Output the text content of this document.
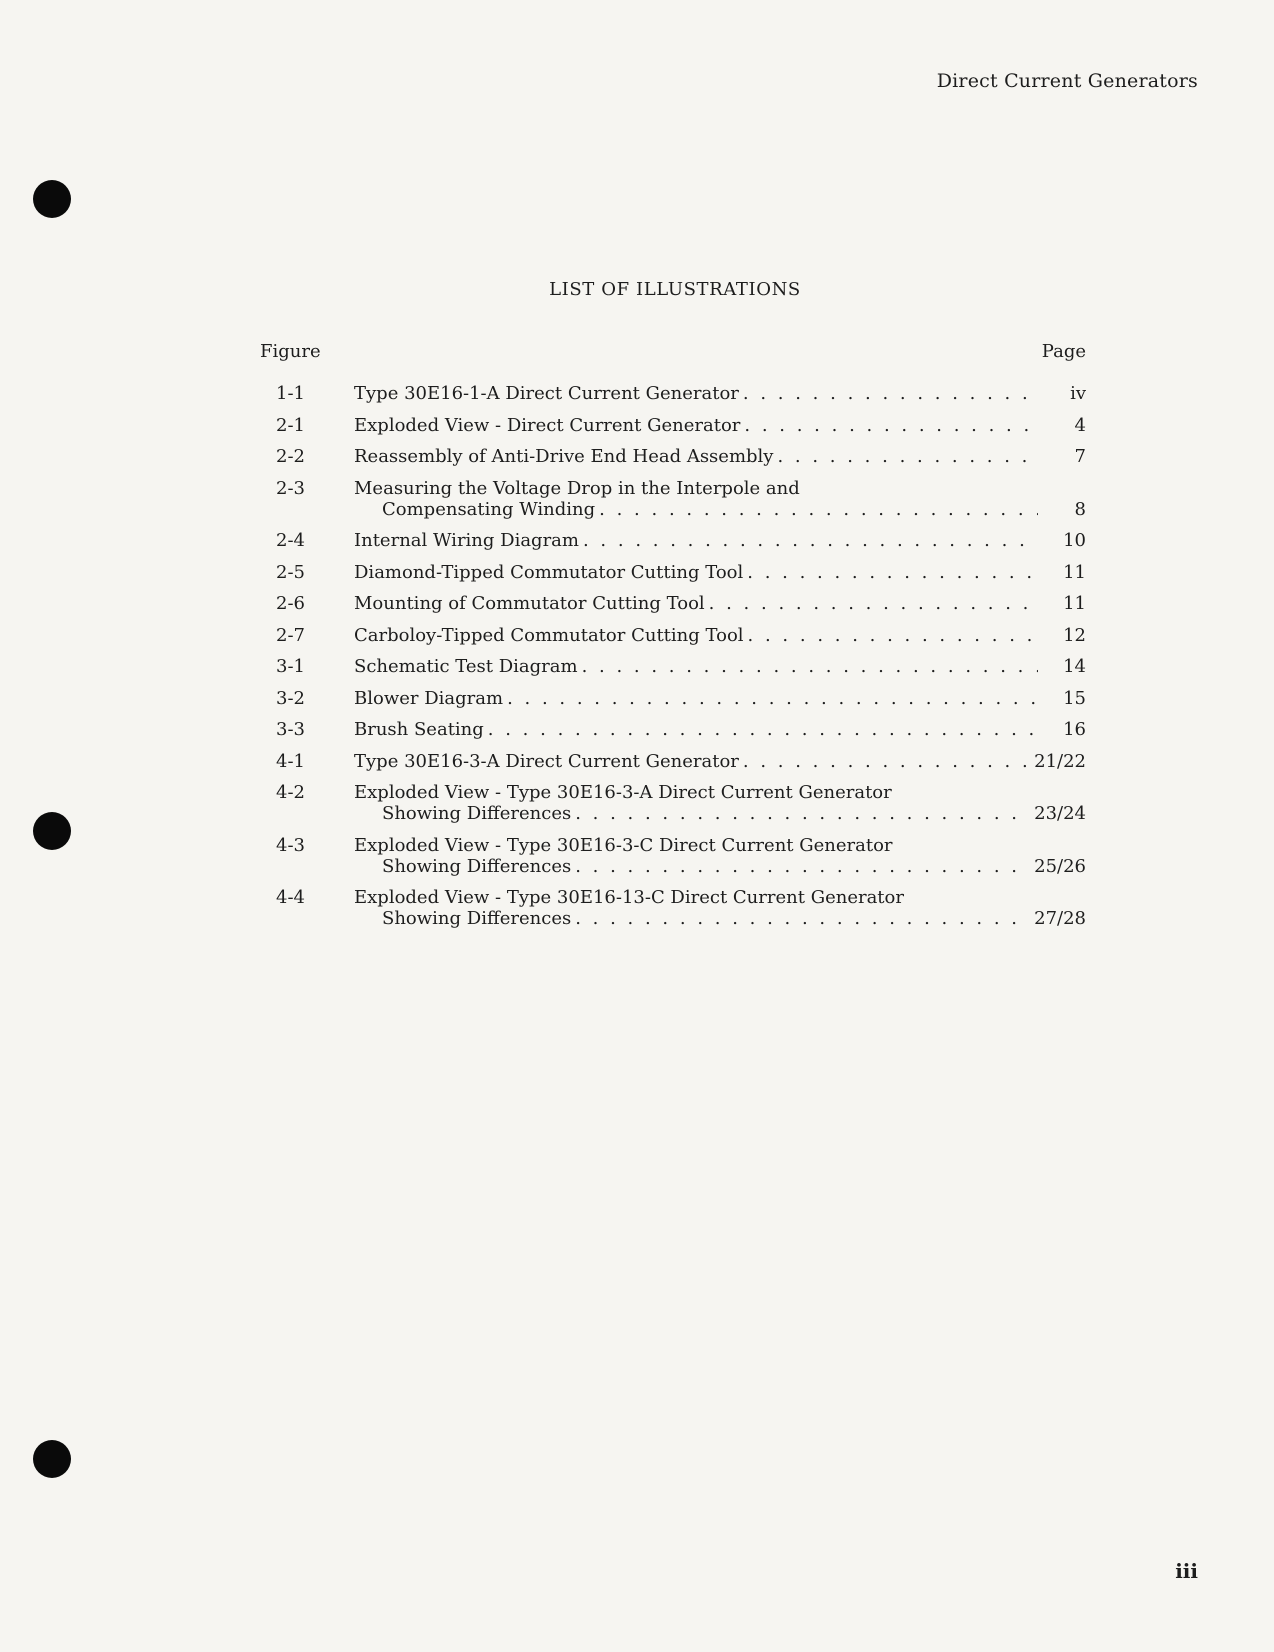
Direct Current Generators
LIST OF ILLUSTRATIONS
Figure	Page
1-1	Type 30E16-1-A Direct Current Generator . . .	iv
2-1	Exploded View - Direct Current Generator . . .	4
2-2	Reassembly of Anti-Drive End Head Assembly . . .	7
2-3	Measuring the Voltage Drop in the Interpole and
Compensating Winding . . .	8
2-4	Internal Wiring Diagram . . .	10
2-5	Diamond-Tipped Commutator Cutting Tool . . .	11
2-6	Mounting of Commutator Cutting Tool . . .	11
2-7	Carboloy-Tipped Commutator Cutting Tool . . .	12
3-1	Schematic Test Diagram . . .	14
3-2	Blower Diagram . . .	15
3-3	Brush Seating . . .	16
4-1	Type 30E16-3-A Direct Current Generator . . .	21/22
4-2	Exploded View - Type 30E16-3-A Direct Current Generator
Showing Differences . . .	23/24
4-3	Exploded View - Type 30E16-3-C Direct Current Generator
Showing Differences . . .	25/26
4-4	Exploded View - Type 30E16-13-C Direct Current Generator
Showing Differences . . .	27/28
iii
